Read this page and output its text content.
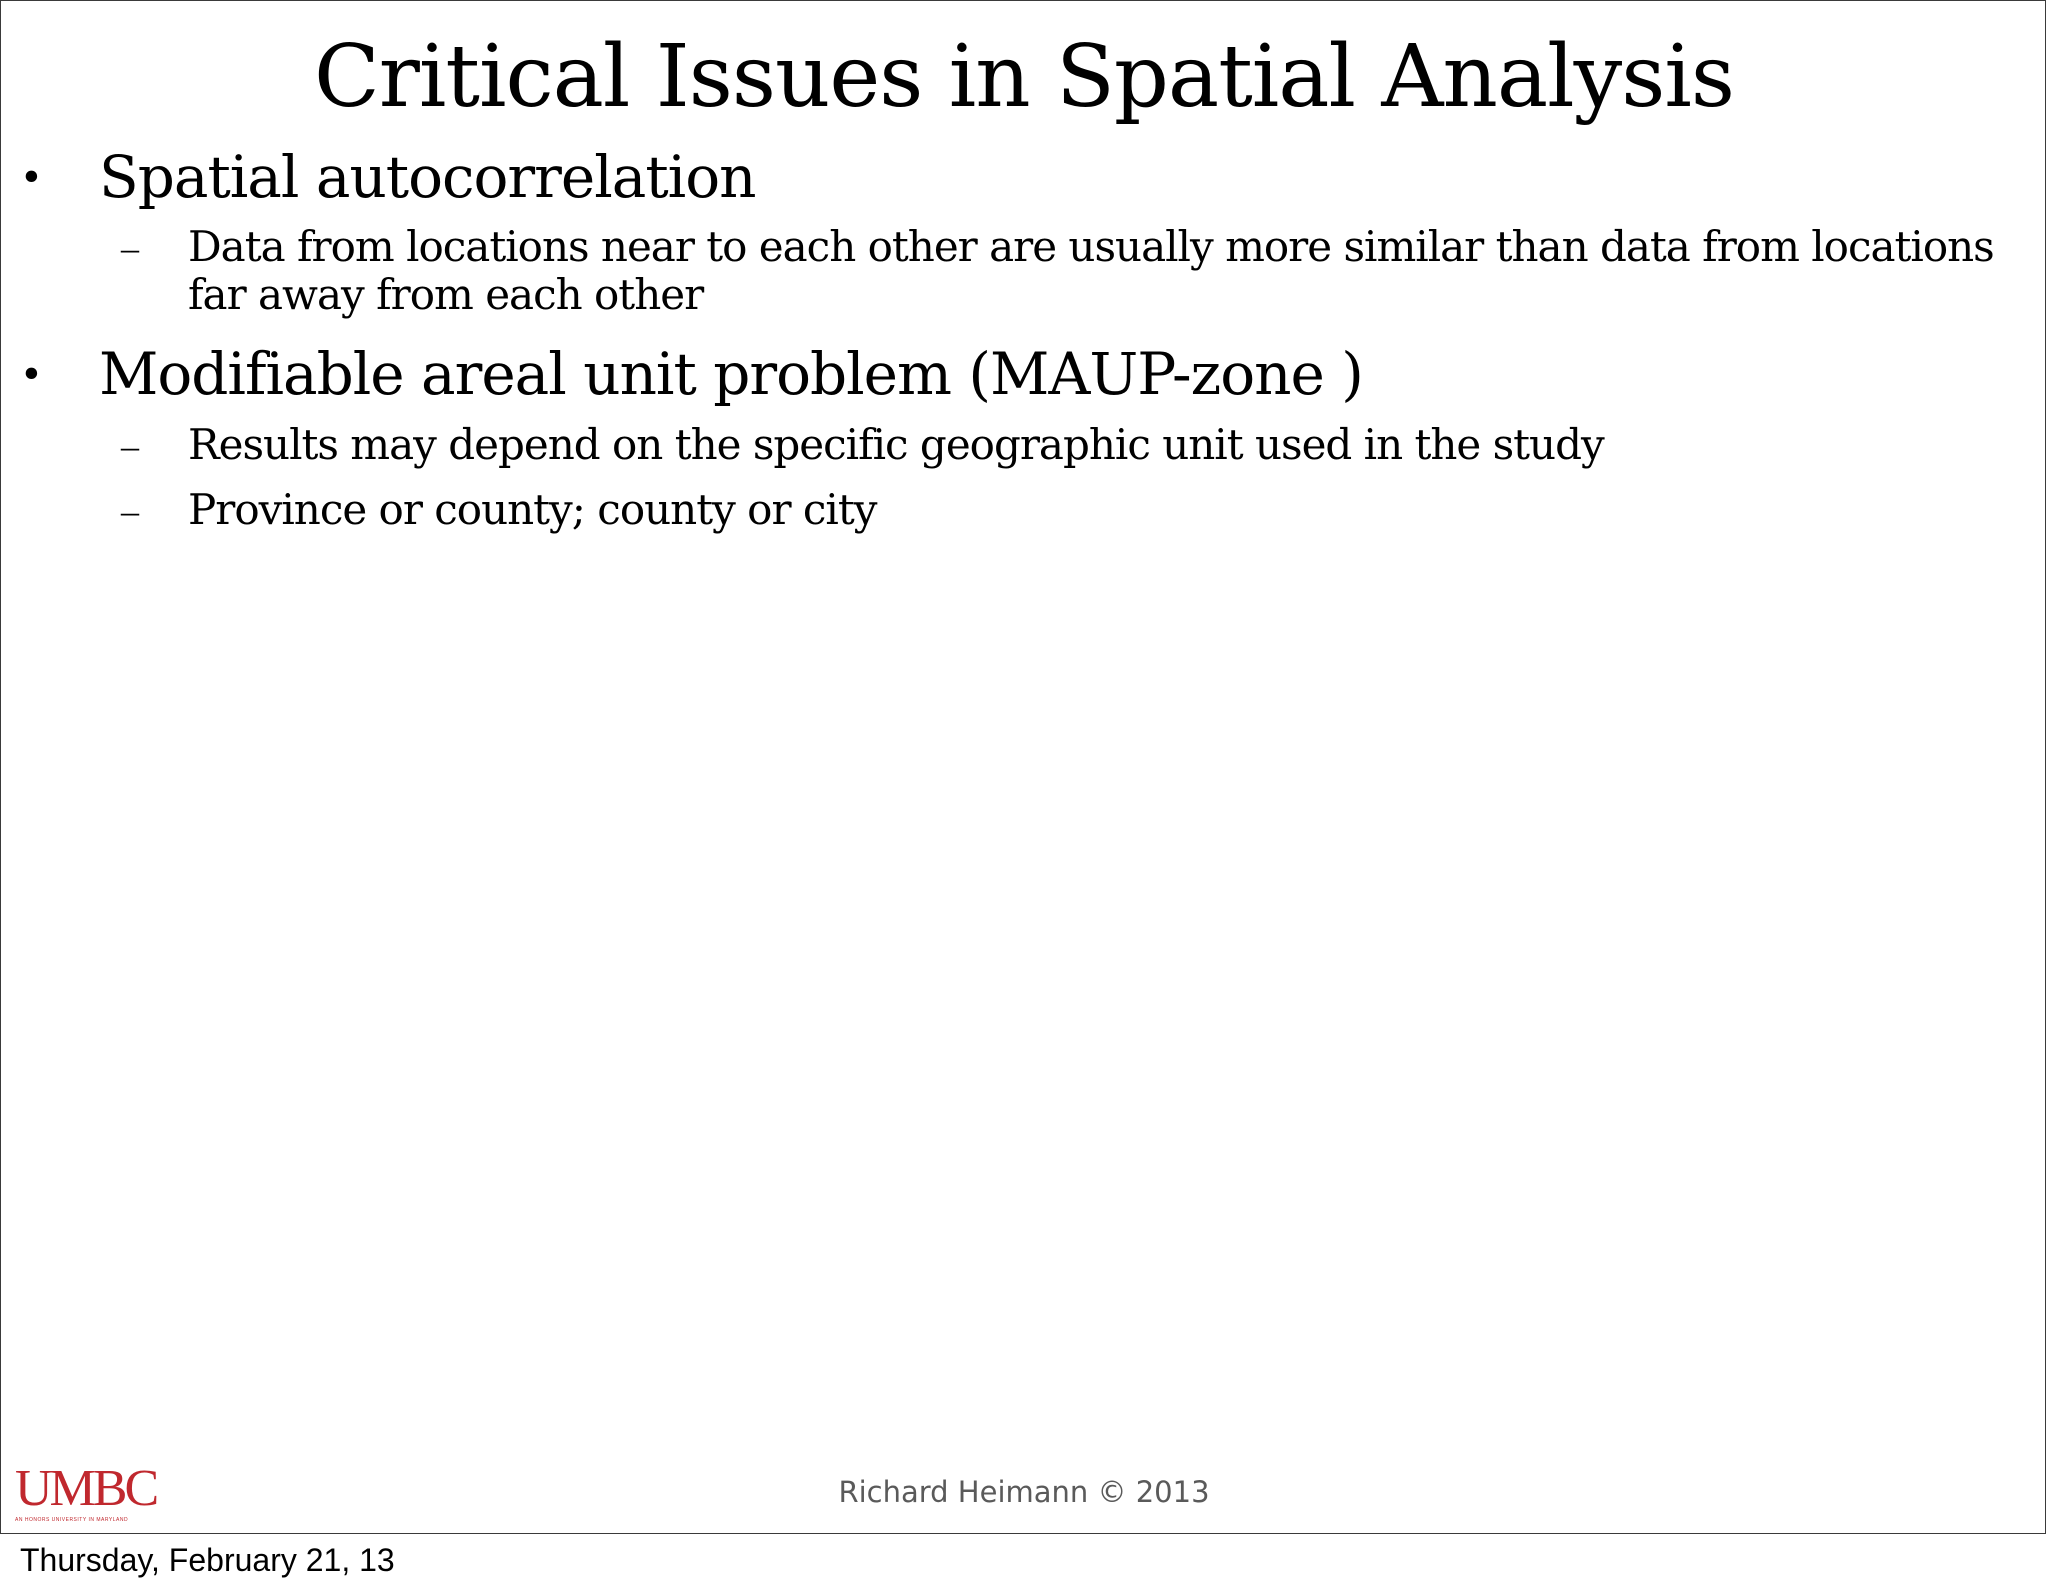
Critical Issues in Spatial Analysis
• Spatial autocorrelation
– Data from locations near to each other are usually more similar than data from locations far away from each other
• Modifiable areal unit problem (MAUP-zone )
– Results may depend on the specific geographic unit used in the study
– Province or county; county or city
UMBC
AN HONORS UNIVERSITY IN MARYLAND
Richard Heimann © 2013
Thursday, February 21, 13
